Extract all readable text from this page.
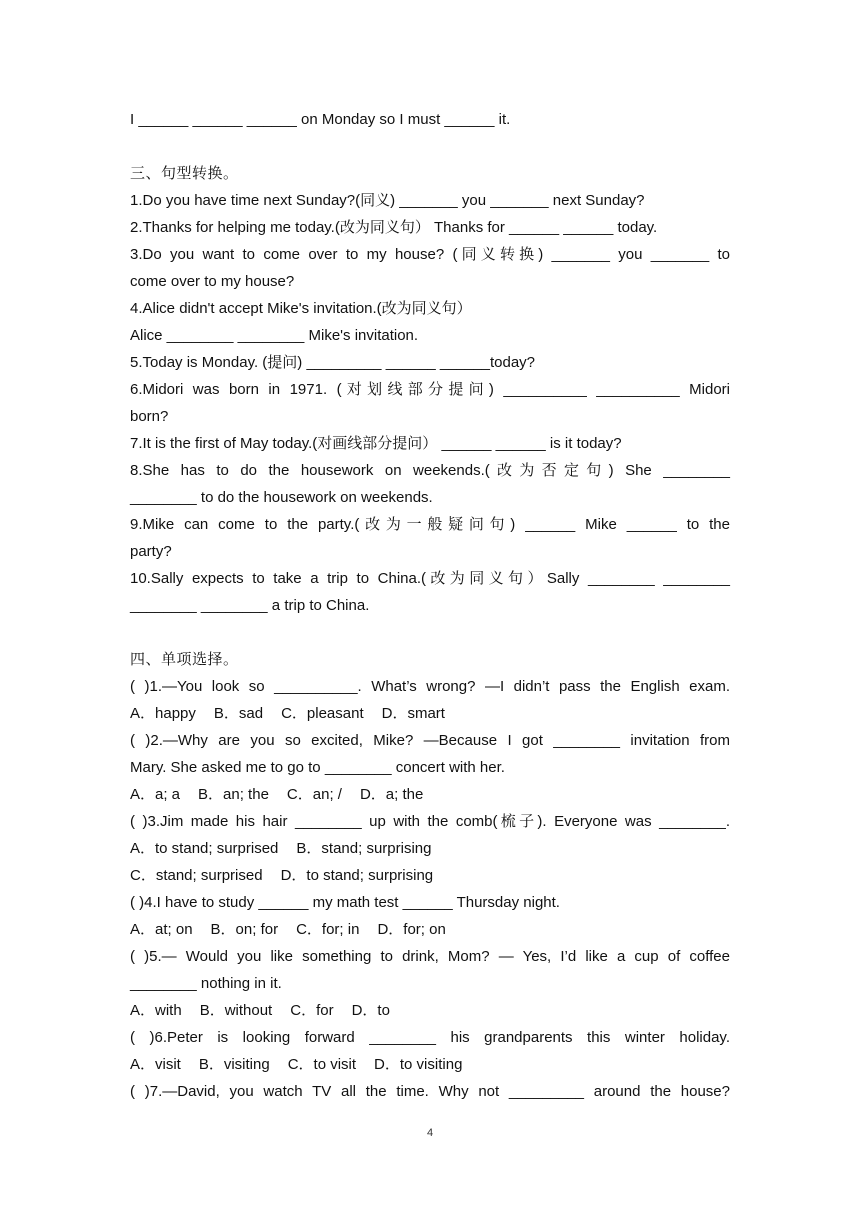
I ______ ______ ______ on Monday so I must ______ it.
三、句型转换。
1.Do you have time next Sunday?(同义) _______ you _______ next Sunday?
2.Thanks for helping me today.(改为同义句） Thanks for ______ ______ today.
3.Do you want to come over to my house? (同义转换) _______ you _______ to
come over to my house?
4.Alice didn't accept Mike's invitation.(改为同义句）
Alice ________ ________ Mike's invitation.
5.Today is Monday. (提问) _________ ______ ______today?
6.Midori was born in 1971. (对划线部分提问) __________ __________ Midori
born?
7.It is the first of May today.(对画线部分提问） ______ ______ is it today?
8.She has to do the housework on weekends.(改为否定句) She ________
________ to do the housework on weekends.
9.Mike can come to the party.(改为一般疑问句) ______ Mike ______ to the
party?
10.Sally expects to take a trip to China.(改为同义句）Sally ________ ________
________ ________ a trip to China.
四、单项选择。
( )1.—You look so __________. What’s wrong? —I didn’t pass the English exam.
A．happy B．sad C．pleasant D．smart
( )2.—Why are you so excited, Mike? —Because I got ________ invitation from
Mary. She asked me to go to ________ concert with her.
A．a; a B．an; the C．an; / D．a; the
( )3.Jim made his hair ________ up with the comb(梳子). Everyone was ________.
A．to stand; surprised B．stand; surprising
C．stand; surprised D．to stand; surprising
( )4.I have to study ______ my math test ______ Thursday night.
A．at; on B．on; for C．for; in D．for; on
( )5.— Would you like something to drink, Mom? — Yes, I’d like a cup of coffee
________ nothing in it.
A．with B．without C．for D．to
( )6.Peter is looking forward ________ his grandparents this winter holiday.
A．visit B．visiting C．to visit D．to visiting
( )7.—David, you watch TV all the time. Why not _________ around the house?
4
